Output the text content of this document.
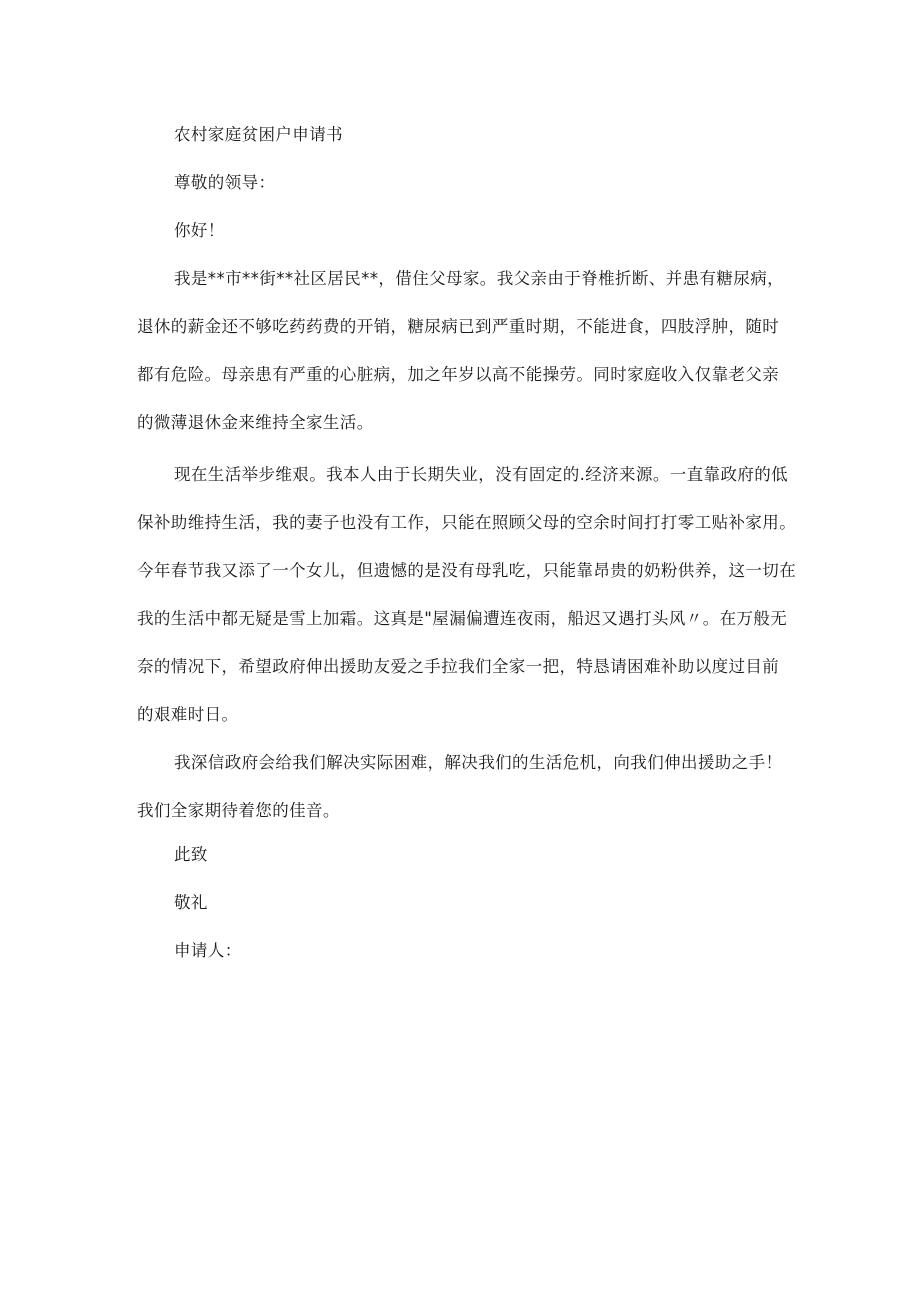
农村家庭贫困户申请书
尊敬的领导：
你好！
我是**市**街**社区居民**，借住父母家。我父亲由于脊椎折断、并患有糖尿病，
退休的薪金还不够吃药药费的开销，糖尿病已到严重时期，不能进食，四肢浮肿，随时
都有危险。母亲患有严重的心脏病，加之年岁以高不能操劳。同时家庭收入仅靠老父亲
的微薄退休金来维持全家生活。
现在生活举步维艰。我本人由于长期失业，没有固定的.经济来源。一直靠政府的低
保补助维持生活，我的妻子也没有工作，只能在照顾父母的空余时间打打零工贴补家用。
今年春节我又添了一个女儿，但遗憾的是没有母乳吃，只能靠昂贵的奶粉供养，这一切在
我的生活中都无疑是雪上加霜。这真是"屋漏偏遭连夜雨，船迟又遇打头风〃。在万般无
奈的情况下，希望政府伸出援助友爱之手拉我们全家一把，特恳请困难补助以度过目前
的艰难时日。
我深信政府会给我们解决实际困难，解决我们的生活危机，向我们伸出援助之手！
我们全家期待着您的佳音。
此致
敬礼
申请人：
